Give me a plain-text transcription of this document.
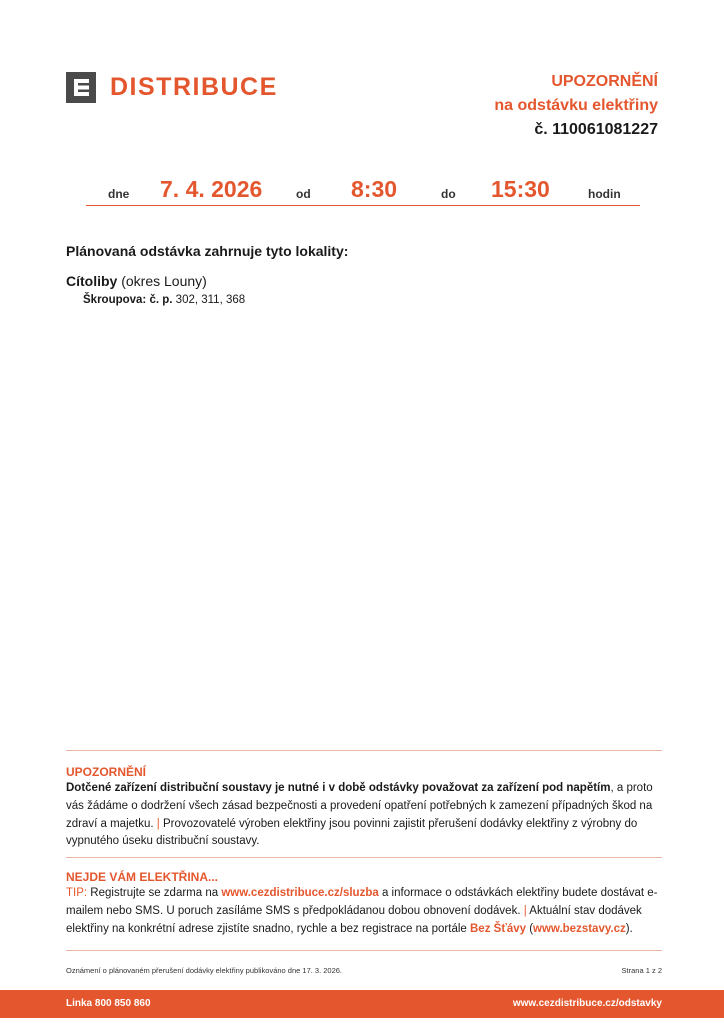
DISTRIBUCE	UPOZORNĚNÍ
na odstávku elektřiny
č. 110061081227
dne 7. 4. 2026	od 8:30	do 15:30	hodin
Plánovaná odstávka zahrnuje tyto lokality:
Cítoliby (okres Louny)
Škroupova: č. p. 302, 311, 368
UPOZORNĚNÍ
Dotčené zařízení distribuční soustavy je nutné i v době odstávky považovat za zařízení pod napětím, a proto vás žádáme o dodržení všech zásad bezpečnosti a provedení opatření potřebných k zamezení případných škod na zdraví a majetku. | Provozovatelé výroben elektřiny jsou povinni zajistit přerušení dodávky elektřiny z výrobny do vypnutého úseku distribuční soustavy.
NEJDE VÁM ELEKTŘINA...
TIP: Registrujte se zdarma na www.cezdistribuce.cz/sluzba a informace o odstávkách elektřiny budete dostávat e-mailem nebo SMS. U poruch zasíláme SMS s předpokládanou dobou obnovení dodávek. | Aktuální stav dodávek elektřiny na konkrétní adrese zjistíte snadno, rychle a bez registrace na portále Bez Šťávy (www.bezstavy.cz).
Oznámení o plánovaném přerušení dodávky elektřiny publikováno dne 17. 3. 2026.	Strana 1 z 2
Linka 800 850 860	www.cezdistribuce.cz/odstavky
